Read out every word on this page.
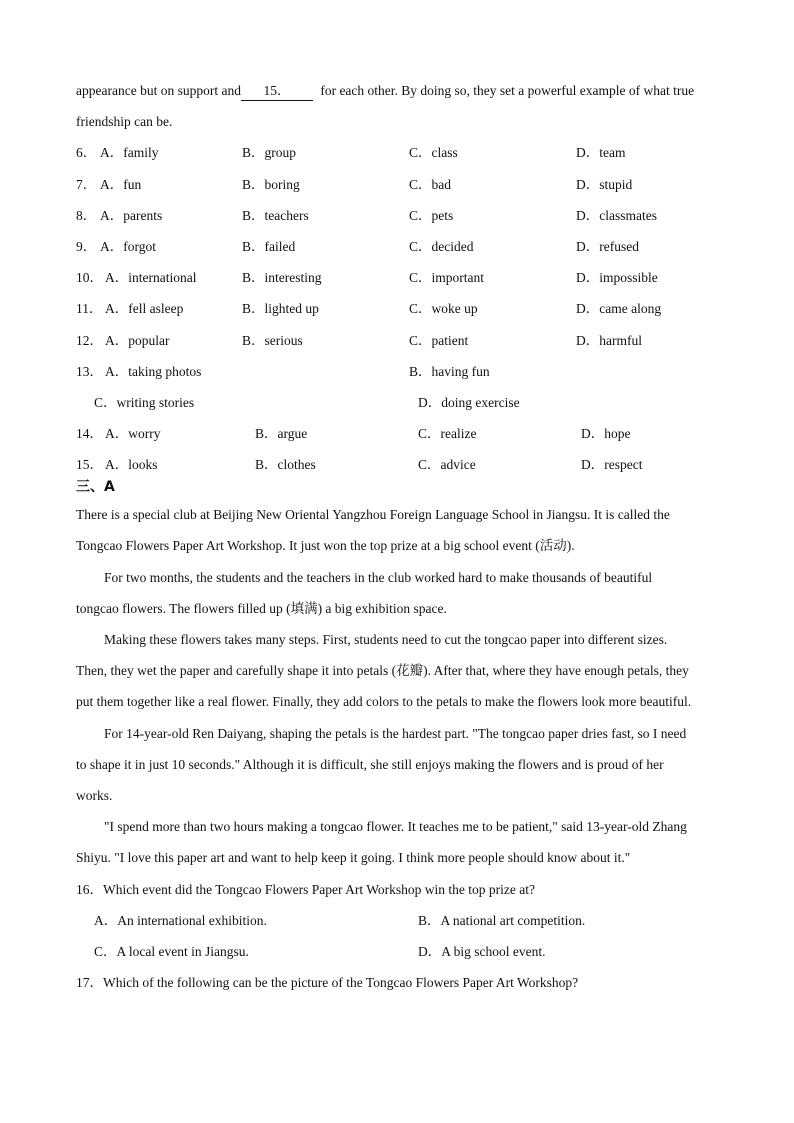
appearance but on support and 15． for each other. By doing so, they set a powerful example of what true
friendship can be.
6． A．family	B．group	C．class	D．team
7． A．fun	B．boring	C．bad	D．stupid
8． A．parents	B．teachers	C．pets	D．classmates
9． A．forgot	B．failed	C．decided	D．refused
10． A．international	B．interesting	C．important	D．impossible
11． A．fell asleep	B．lighted up	C．woke up	D．came along
12． A．popular	B．serious	C．patient	D．harmful
13． A．taking photos	B．having fun
C．writing stories	D．doing exercise
14． A．worry	B．argue	C．realize	D．hope
15． A．looks	B．clothes	C．advice	D．respect
三、A
There is a special club at Beijing New Oriental Yangzhou Foreign Language School in Jiangsu. It is called the
Tongcao Flowers Paper Art Workshop. It just won the top prize at a big school event (活动).
For two months, the students and the teachers in the club worked hard to make thousands of beautiful
tongcao flowers. The flowers filled up (填满) a big exhibition space.
Making these flowers takes many steps. First, students need to cut the tongcao paper into different sizes.
Then, they wet the paper and carefully shape it into petals (花瓣). After that, where they have enough petals, they
put them together like a real flower. Finally, they add colors to the petals to make the flowers look more beautiful.
For 14-year-old Ren Daiyang, shaping the petals is the hardest part. "The tongcao paper dries fast, so I need
to shape it in just 10 seconds." Although it is difficult, she still enjoys making the flowers and is proud of her
works.
"I spend more than two hours making a tongcao flower. It teaches me to be patient," said 13-year-old Zhang
Shiyu. "I love this paper art and want to help keep it going. I think more people should know about it."
16．Which event did the Tongcao Flowers Paper Art Workshop win the top prize at?
A．An international exhibition.	B．A national art competition.
C．A local event in Jiangsu.	D．A big school event.
17．Which of the following can be the picture of the Tongcao Flowers Paper Art Workshop?
